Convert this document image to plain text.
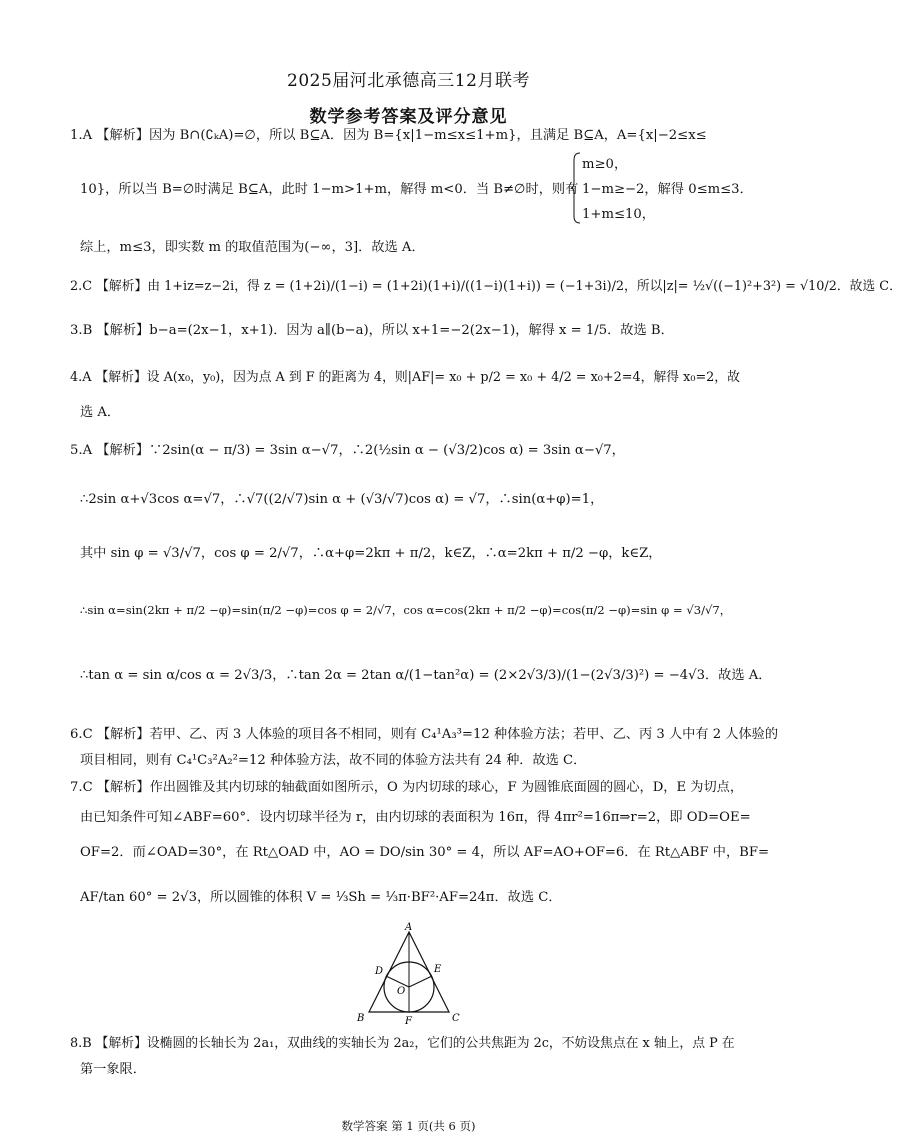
2025届河北承德高三12月联考
数学参考答案及评分意见
1.A 【解析】因为 B∩(∁ₖA)=∅，所以 B⊆A．因为 B={x|1−m≤x≤1+m}，且满足 B⊆A，A={x|−2≤x≤
10}，所以当 B=∅时满足 B⊆A，此时 1−m>1+m，解得 m<0．当 B≠∅时，则有
m≥0，
1−m≥−2，解得 0≤m≤3．
1+m≤10，
综上，m≤3，即实数 m 的取值范围为(−∞，3]．故选 A．
2.C 【解析】由 1+iz=z−2i，得 z = (1+2i)/(1−i) = (1+2i)(1+i)/((1−i)(1+i)) = (−1+3i)/2，所以|z|= ½√((−1)²+3²) = √10/2．故选 C．
3.B 【解析】b−a=(2x−1，x+1)．因为 a∥(b−a)，所以 x+1=−2(2x−1)，解得 x = 1/5．故选 B．
4.A 【解析】设 A(x₀，y₀)，因为点 A 到 F 的距离为 4，则|AF|= x₀ + p/2 = x₀ + 4/2 = x₀+2=4，解得 x₀=2，故
选 A．
5.A 【解析】∵2sin(α − π/3) = 3sin α−√7，∴2(½sin α − (√3/2)cos α) = 3sin α−√7，
∴2sin α+√3cos α=√7，∴√7((2/√7)sin α + (√3/√7)cos α) = √7，∴sin(α+φ)=1，
其中 sin φ = √3/√7，cos φ = 2/√7，∴α+φ=2kπ + π/2，k∈Z，∴α=2kπ + π/2 −φ，k∈Z，
∴sin α=sin(2kπ + π/2 −φ)=sin(π/2 −φ)=cos φ = 2/√7，cos α=cos(2kπ + π/2 −φ)=cos(π/2 −φ)=sin φ = √3/√7，
∴tan α = sin α/cos α = 2√3/3，∴tan 2α = 2tan α/(1−tan²α) = (2×2√3/3)/(1−(2√3/3)²) = −4√3．故选 A．
6.C 【解析】若甲、乙、丙 3 人体验的项目各不相同，则有 C₄¹A₃³=12 种体验方法；若甲、乙、丙 3 人中有 2 人体验的
项目相同，则有 C₄¹C₃²A₂²=12 种体验方法，故不同的体验方法共有 24 种．故选 C．
7.C 【解析】作出圆锥及其内切球的轴截面如图所示，O 为内切球的球心，F 为圆锥底面圆的圆心，D，E 为切点，
由已知条件可知∠ABF=60°．设内切球半径为 r，由内切球的表面积为 16π，得 4πr²=16π⇒r=2，即 OD=OE=
OF=2．而∠OAD=30°，在 Rt△OAD 中，AO = DO/sin 30° = 4，所以 AF=AO+OF=6．在 Rt△ABF 中，BF=
AF/tan 60° = 2√3，所以圆锥的体积 V = ⅓Sh = ⅓π·BF²·AF=24π．故选 C．
A
B	C
D	E
F
O
8.B 【解析】设椭圆的长轴长为 2a₁，双曲线的实轴长为 2a₂，它们的公共焦距为 2c，不妨设焦点在 x 轴上，点 P 在
第一象限．
数学答案 第 1 页(共 6 页)
